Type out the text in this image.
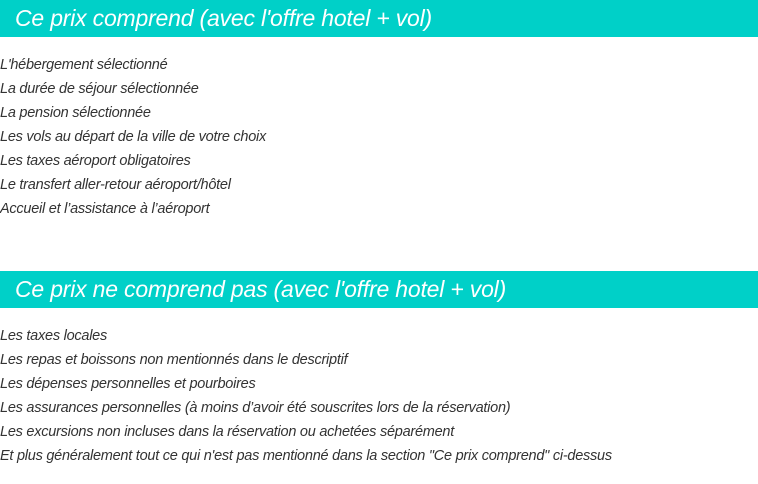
Ce prix comprend (avec l'offre hotel + vol)
L'hébergement sélectionné
La durée de séjour sélectionnée
La pension sélectionnée
Les vols au départ de la ville de votre choix
Les taxes aéroport obligatoires
Le transfert aller-retour aéroport/hôtel
Accueil et l’assistance à l’aéroport
Ce prix ne comprend pas (avec l'offre hotel + vol)
Les taxes locales
Les repas et boissons non mentionnés dans le descriptif
Les dépenses personnelles et pourboires
Les assurances personnelles (à moins d’avoir été souscrites lors de la réservation)
Les excursions non incluses dans la réservation ou achetées séparément
Et plus généralement tout ce qui n'est pas mentionné dans la section "Ce prix comprend" ci-dessus
